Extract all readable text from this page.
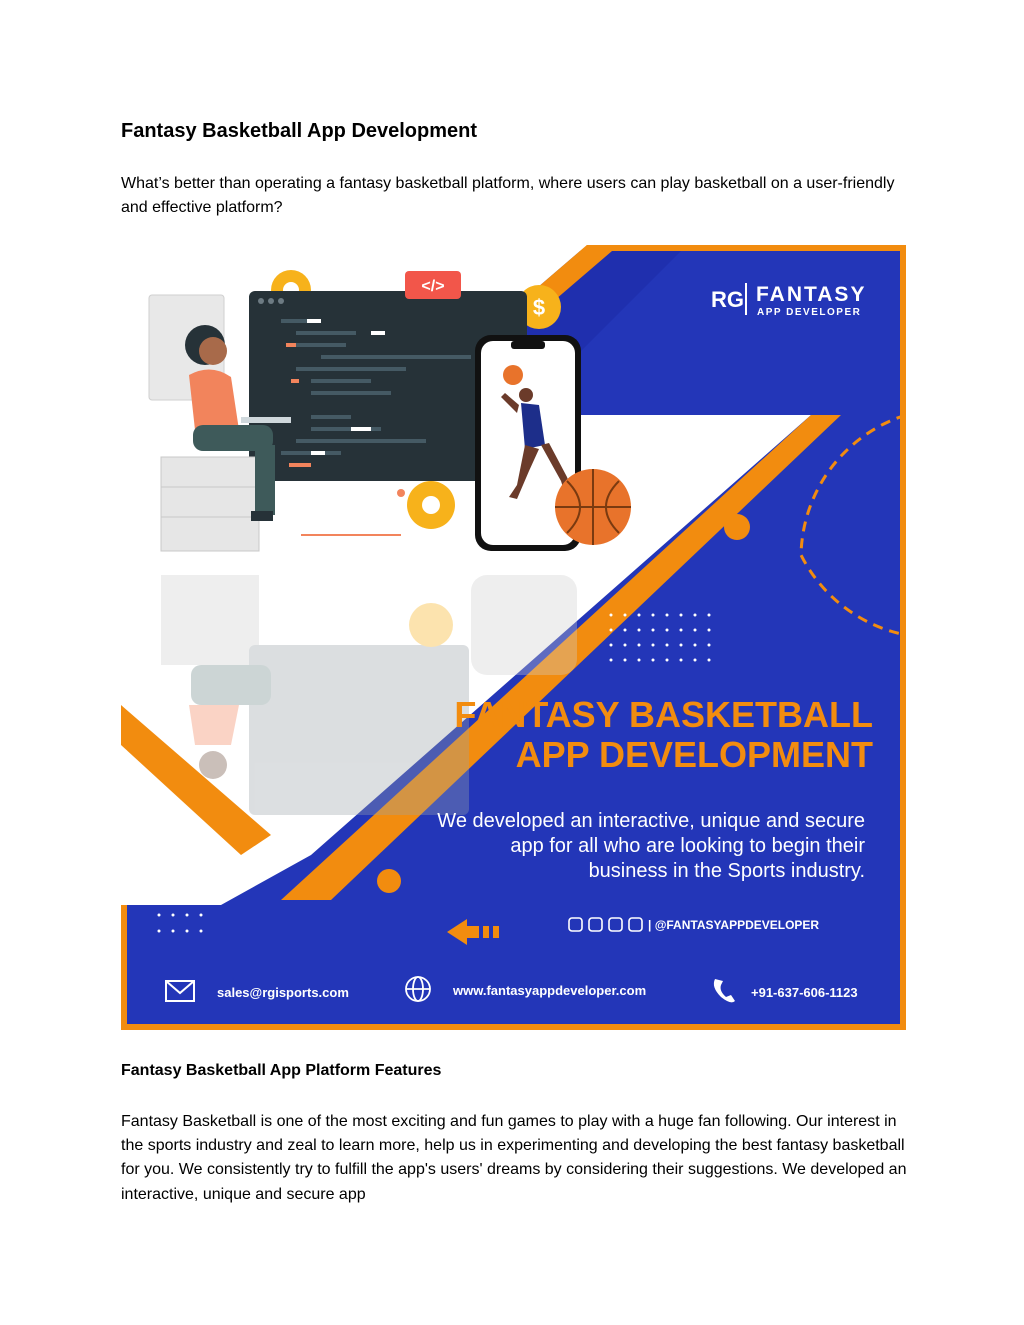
Fantasy Basketball App Development
What’s better than operating a fantasy basketball platform, where users can play basketball on a user-friendly and effective platform?
RG FANTASY
APP DEVELOPER
$
</>
FANTASY BASKETBALL
APP DEVELOPMENT
We developed an interactive, unique and secure
app for all who are looking to begin their
business in the Sports industry.
| @FANTASYAPPDEVELOPER
sales@rgisports.com	www.fantasyappdeveloper.com	+91-637-606-1123
Fantasy Basketball App Platform Features
Fantasy Basketball is one of the most exciting and fun games to play with a huge fan following. Our interest in the sports industry and zeal to learn more, help us in experimenting and developing the best fantasy basketball for you. We consistently try to fulfill the app's users' dreams by considering their suggestions. We developed an interactive, unique and secure app
